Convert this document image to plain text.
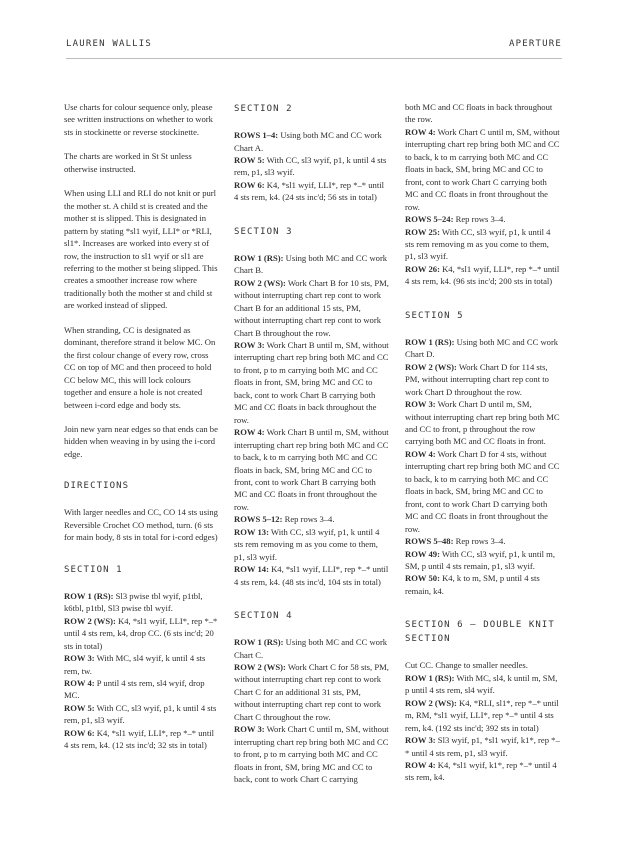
LAUREN WALLIS	APERTURE

Use charts for colour sequence only, please see written instructions on whether to work sts in stockinette or reverse stockinette.

The charts are worked in St St unless otherwise instructed.

When using LLI and RLI do not knit or purl the mother st. A child st is created and the mother st is slipped. This is designated in pattern by stating *sl1 wyif, LLI* or *RLI, sl1*. Increases are worked into every st of row, the instruction to sl1 wyif or sl1 are referring to the mother st being slipped. This creates a smoother increase row where traditionally both the mother st and child st are worked instead of slipped.

When stranding, CC is designated as dominant, therefore strand it below MC. On the first colour change of every row, cross CC on top of MC and then proceed to hold CC below MC, this will lock colours together and ensure a hole is not created between i-cord edge and body sts.

Join new yarn near edges so that ends can be hidden when weaving in by using the i-cord edge.

DIRECTIONS

With larger needles and CC, CO 14 sts using Reversible Crochet CO method, turn. (6 sts for main body, 8 sts in total for i-cord edges)

SECTION 1

ROW 1 (RS): Sl3 pwise tbl wyif, p1tbl, k6tbl, p1tbl, Sl3 pwise tbl wyif.

ROW 2 (WS): K4, *sl1 wyif, LLI*, rep *–* until 4 sts rem, k4, drop CC. (6 sts inc'd; 20 sts in total)

ROW 3: With MC, sl4 wyif, k until 4 sts rem, tw.

ROW 4: P until 4 sts rem, sl4 wyif, drop MC.

ROW 5: With CC, sl3 wyif, p1, k until 4 sts rem, p1, sl3 wyif.

ROW 6: K4, *sl1 wyif, LLI*, rep *–* until 4 sts rem, k4. (12 sts inc'd; 32 sts in total)

SECTION 2

ROWS 1–4: Using both MC and CC work Chart A.

ROW 5: With CC, sl3 wyif, p1, k until 4 sts rem, p1, sl3 wyif.

ROW 6: K4, *sl1 wyif, LLI*, rep *–* until 4 sts rem, k4. (24 sts inc'd; 56 sts in total)

SECTION 3

ROW 1 (RS): Using both MC and CC work Chart B.

ROW 2 (WS): Work Chart B for 10 sts, PM, without interrupting chart rep cont to work Chart B for an additional 15 sts, PM, without interrupting chart rep cont to work Chart B throughout the row.

ROW 3: Work Chart B until m, SM, without interrupting chart rep bring both MC and CC to front, p to m carrying both MC and CC floats in front, SM, bring MC and CC to back, cont to work Chart B carrying both MC and CC floats in back throughout the row.

ROW 4: Work Chart B until m, SM, without interrupting chart rep bring both MC and CC to back, k to m carrying both MC and CC floats in back, SM, bring MC and CC to front, cont to work Chart B carrying both MC and CC floats in front throughout the row.

ROWS 5–12: Rep rows 3–4.

ROW 13: With CC, sl3 wyif, p1, k until 4 sts rem removing m as you come to them, p1, sl3 wyif.

ROW 14: K4, *sl1 wyif, LLI*, rep *–* until 4 sts rem, k4. (48 sts inc'd, 104 sts in total)

SECTION 4

ROW 1 (RS): Using both MC and CC work Chart C.

ROW 2 (WS): Work Chart C for 58 sts, PM, without interrupting chart rep cont to work Chart C for an additional 31 sts, PM, without interrupting chart rep cont to work Chart C throughout the row.

ROW 3: Work Chart C until m, SM, without interrupting chart rep bring both MC and CC to front, p to m carrying both MC and CC floats in front, SM, bring MC and CC to back, cont to work Chart C carrying

both MC and CC floats in back throughout the row.

ROW 4: Work Chart C until m, SM, without interrupting chart rep bring both MC and CC to back, k to m carrying both MC and CC floats in back, SM, bring MC and CC to front, cont to work Chart C carrying both MC and CC floats in front throughout the row.

ROWS 5–24: Rep rows 3–4.

ROW 25: With CC, sl3 wyif, p1, k until 4 sts rem removing m as you come to them, p1, sl3 wyif.

ROW 26: K4, *sl1 wyif, LLI*, rep *–* until 4 sts rem, k4. (96 sts inc'd; 200 sts in total)

SECTION 5

ROW 1 (RS): Using both MC and CC work Chart D.

ROW 2 (WS): Work Chart D for 114 sts, PM, without interrupting chart rep cont to work Chart D throughout the row.

ROW 3: Work Chart D until m, SM, without interrupting chart rep bring both MC and CC to front, p throughout the row carrying both MC and CC floats in front.

ROW 4: Work Chart D for 4 sts, without interrupting chart rep bring both MC and CC to back, k to m carrying both MC and CC floats in back, SM, bring MC and CC to front, cont to work Chart D carrying both MC and CC floats in front throughout the row.

ROWS 5–48: Rep rows 3–4.

ROW 49: With CC, sl3 wyif, p1, k until m, SM, p until 4 sts remain, p1, sl3 wyif.

ROW 50: K4, k to m, SM, p until 4 sts remain, k4.

SECTION 6 – DOUBLE KNIT SECTION

Cut CC. Change to smaller needles.

ROW 1 (RS): With MC, sl4, k until m, SM, p until 4 sts rem, sl4 wyif.

ROW 2 (WS): K4, *RLI, sl1*, rep *–* until m, RM, *sl1 wyif, LLI*, rep *–* until 4 sts rem, k4. (192 sts inc'd; 392 sts in total)

ROW 3: Sl3 wyif, p1, *sl1 wyif, k1*, rep *–* until 4 sts rem, p1, sl3 wyif.

ROW 4: K4, *sl1 wyif, k1*, rep *–* until 4 sts rem, k4.
